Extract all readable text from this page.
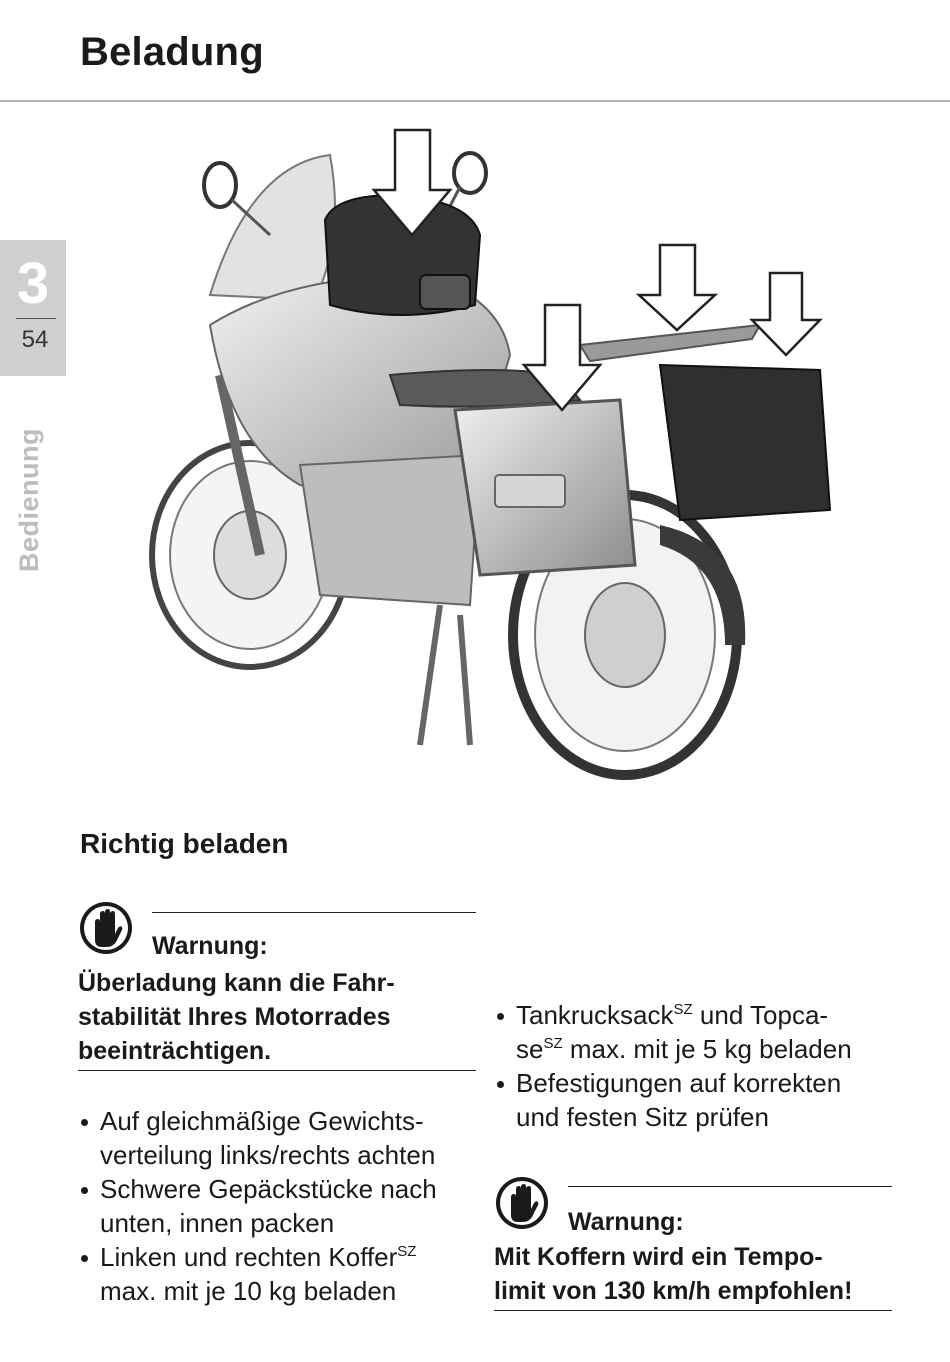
Beladung
3
54
Bedienung
Richtig beladen
Warnung:
Überladung kann die Fahr-
stabilität Ihres Motorrades
beeinträchtigen.
Auf gleichmäßige Gewichts-
verteilung links/rechts achten
Schwere Gepäckstücke nach
unten, innen packen
Linken und rechten Koffer$^{SZ}$
max. mit je 10 kg beladen
Tankrucksack$^{SZ}$ und Topca-
$se^{SZ}$ max. mit je 5 kg beladen
Befestigungen auf korrekten
und festen Sitz prüfen
Warnung:
Mit Koffern wird ein Tempo-
limit von 130 km/h empfohlen!
